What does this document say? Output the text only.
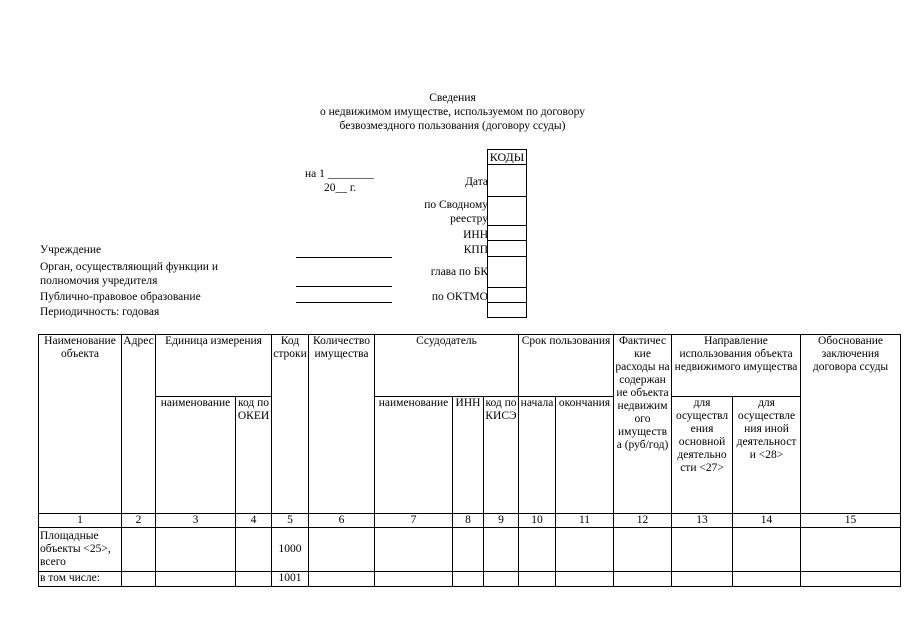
Сведения
о недвижимом имуществе, используемом по договору
безвозмездного пользования (договору ссуды)
на 1 ________
20__ г.	Дата
по Сводному
реестру
ИНН
КПП
глава по БК
по ОКТМО
КОДЫ

Учреждение
Орган, осуществляющий функции и
полномочия учредителя
Публично-правовое образование
Периодичность: годовая
Наименование объекта	Адрес	Единица измерения		Код строки	Количество имущества	Ссудодатель			Срок пользования		Фактичес кие расходы на содержан ие объекта недвижим ого имуществ а (руб/год)	Направление использования объекта недвижимого имущества		Обоснование заключения договора ссуды
		наименование	код по ОКЕИ			наименование	ИНН	код по КИСЭ	начала	окончания		для осуществл ения основной деятельно сти <27>	для осуществле ния иной деятельност и <28>	
1	2	3	4	5	6	7	8	9	10	11	12	13	14	15
Площадные объекты <25>, всего				1000										
в том числе:				1001										
